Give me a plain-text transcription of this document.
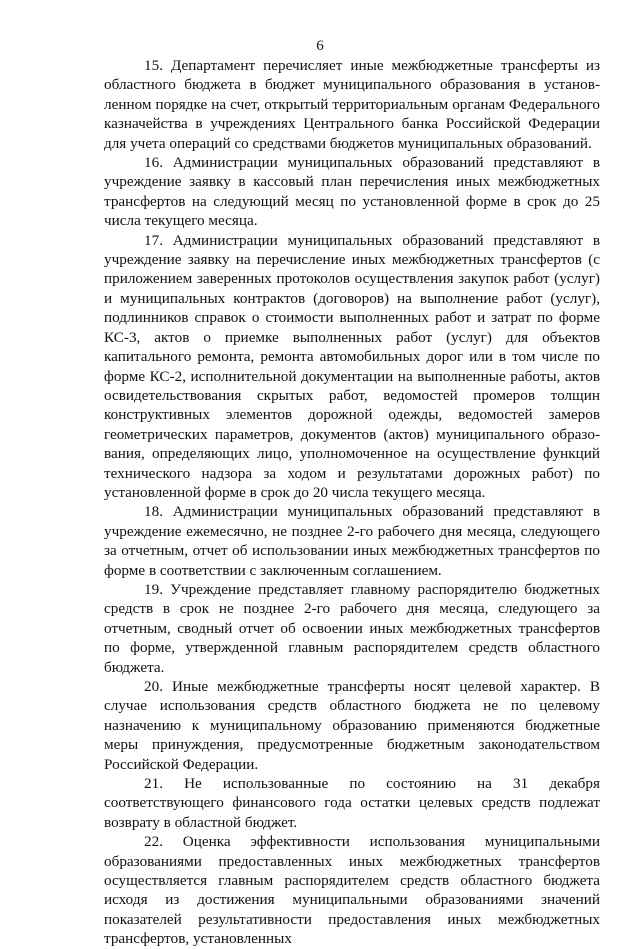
6

15. Департамент перечисляет иные межбюджетные трансферты из областного бюджета в бюджет муниципального образования в установленном порядке на счет, открытый территориальным органам Федерального казначейства в учреждениях Центрального банка Российской Федерации для учета операций со средствами бюджетов муниципальных образований.

16. Администрации муниципальных образований представляют в учреждение заявку в кассовый план перечисления иных межбюджетных трансфертов на следующий месяц по установленной форме в срок до 25 числа текущего месяца.

17. Администрации муниципальных образований представляют в учреждение заявку на перечисление иных межбюджетных трансфертов (с приложением заверенных протоколов осуществления закупок работ (услуг) и муниципальных контрактов (договоров) на выполнение работ (услуг), подлинников справок о стоимости выполненных работ и затрат по форме КС-3, актов о приемке выполненных работ (услуг) для объектов капитального ремонта, ремонта автомобильных дорог или в том числе по форме КС-2, исполнительной документации на выполненные работы, актов освидетельствования скрытых работ, ведомостей промеров толщин конструктивных элементов дорожной одежды, ведомостей замеров геометрических параметров, документов (актов) муниципального образования, определяющих лицо, уполномоченное на осуществление функций технического надзора за ходом и результатами дорожных работ) по установленной форме в срок до 20 числа текущего месяца.

18. Администрации муниципальных образований представляют в учреждение ежемесячно, не позднее 2-го рабочего дня месяца, следующего за отчетным, отчет об использовании иных межбюджетных трансфертов по форме в соответствии с заключенным соглашением.

19. Учреждение представляет главному распорядителю бюджетных средств в срок не позднее 2-го рабочего дня месяца, следующего за отчетным, сводный отчет об освоении иных межбюджетных трансфертов по форме, утвержденной главным распорядителем средств областного бюджета.

20. Иные межбюджетные трансферты носят целевой характер. В случае использования средств областного бюджета не по целевому назначению к муниципальному образованию применяются бюджетные меры принуждения, предусмотренные бюджетным законодательством Российской Федерации.

21. Не использованные по состоянию на 31 декабря соответствующего финансового года остатки целевых средств подлежат возврату в областной бюджет.

22. Оценка эффективности использования муниципальными образованиями предоставленных иных межбюджетных трансфертов осуществляется главным распорядителем средств областного бюджета исходя из достижения муниципальными образованиями значений показателей результативности предоставления иных межбюджетных трансфертов, установленных
